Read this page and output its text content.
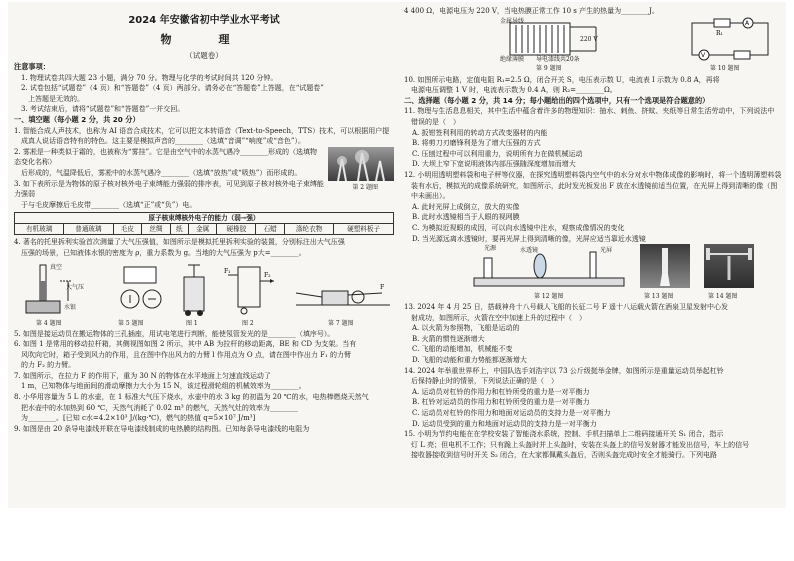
2024 年安徽省初中学业水平考试
物　理
（试题卷）
注意事项：
1. 物理试卷共四大题 23 小题，满分 70 分。物理与化学的考试时间共 120 分钟。
2. 试卷包括“试题卷”（4 页）和“答题卷”（4 页）两部分。请务必在“答题卷”上答题，在“试题卷”
上答题是无效的。
3. 考试结束后，请将“试题卷”和“答题卷”一并交回。
一、填空题（每小题 2 分，共 20 分）
1. 智能合成人声技术，也称为 AI 语音合成技术，它可以把文本转语音（Text-to-Speech，TTS）技术，可以根据用户提
成真人说话语音特有的特色。这主要是模拟声音的________（选填“音调”“响度”或“音色”）。
2. 雾凇是一种类似于霜的，也被称为“雾挂”。它是由空气中的水蒸气遇冷________形成的（选填物态变化名称）
后形成的，气温降低后，雾凇中的水蒸气遇冷________（选填“放热”或“吸热”）而形成的。
3. 如下表所示是为物体的原子核对核外电子束缚能力强弱的排序表，可见到原子核对核外电子束缚能力强弱
于与毛皮摩擦后毛皮带________（选填“正”或“负”）电。
第 2 题图
原子核束缚核外电子的能力（弱→强）
有机玻璃	普通玻璃	毛皮	丝绸	纸	金属	硬橡胶	石蜡	涤纶衣物	硬塑料板子
4. 著名的托里拆利实验首次测量了大气压强值，如图所示是模拟托里拆利实验的装置，分别标注出大气压强
压强的场景，已知液体水银的密度为 ρ，重力系数为 g。当地的大气压强为 p大=________。
真空
大气压
水银
第 4 题图	第 5 题图	图 1
F₁
F₂
图 2
F
第 7 题图
5. 如图是接运动员在搬运物体的三孔插座，用试电笔进行判断，能使氖管发光的是________（填序号）。
6. 如图 1 是常用的移动拉杆箱，其侧视图如图 2 所示，其中 AB 为拉杆的移动距离，BE 和 CD 为支架。当有
风吹向它时，箱子受到风力的作用，且在图中作出风力的力臂 l 作用点为 O 点，请在图中作出力 F₁ 的力臂
的力 F₂ 的力臂。
7. 如图所示，在拉力 F 的作用下，重为 30 N 的物体在水平地面上匀速直线运动了
1 m，已知物体与地面间的滑动摩擦力大小为 15 N，该过程滑轮组的机械效率为________。
8. 小华用容量为 5 L 的水壶，在 1 标准大气压下烧水，水壶中的水 3 kg 的初温为 20 ℃的水，电热棒燃烧天然气
把水壶中的水加热到 60 ℃，天然气消耗了 0.02 m³ 的燃气，天然气灶的效率为________
为________。[已知 c水=4.2×10³ J/(kg·℃)，燃气的热值 q=5×10⁷ J/m³]
9. 如图是由 20 条导电漆线并联在导电漆线制成的电热膜的结构图。已知每条导电漆线的电阻为
4 400 Ω，电源电压为 220 V，当电热膜正常工作 10 s 产生的热量为________J。
金属导线
220 V
绝缘薄膜 导电漆线共20条
第 9 题图
A
V
R₁
第 10 题图
10. 如图所示电路，定值电阻 R₁=2.5 Ω，闭合开关 S，电压表示数 U，电流表 I 示数为 0.8 A，再将
电源电压调整 1 V 时，电流表示数为 0.4 A，则 R₂=________Ω。
二、选择题（每小题 2 分，共 14 分；每小题给出的四个选项中，只有一个选项是符合题意的）
11. 物理与生活息息相关，其中生活中蕴含着许多的物理知识：抽水、刺鱼、挤蚊、夹纸等日常生活劳动中，下列说法中
错误的是（　）
A. 扳钳签利利用的转动方式改变器材的内能
B. 将剪刀刃磨锋利是为了增大压强的方式
C. 压刨过程中可以利用重力，说明所有力在做机械运动
D. 大坝上窄下宽说明液体内部压强随深度增加而增大
12. 小明用透明塑料袋和电子秤等仪器，在探究透明塑料袋内空气中的水分对水中物体成像的影响时，将一个透明薄塑料袋
装有水后，模拟光的成像系统研究，如图所示，此时发光板发出 F 放在水透镜前适当位置，在光屏上得到清晰的像（图中未画出）。
A. 此时光屏上成倒立，放大的实像
B. 此时水透镜相当于人眼的视网膜
C. 为模拟近视眼的成因，可以向水透镜中注水，观察成像情况的变化
D. 当光源远离水透镜时，要再光屏上得到清晰的像，光屏应适当靠近水透镜
光源	水透镜	光屏
第 12 题图	第 13 题图	第 14 题图
13. 2024 年 4 月 25 日，搭载神舟十八号载人飞船的长征二号 F 遥十八运载火箭在酒泉卫星发射中心发
射成功，如图所示，火箭在空中加速上升的过程中（　）
A. 以火箭为参照物，飞船是运动的
B. 火箭的惯性逐渐增大
C. 飞船的动能增加，机械能不变
D. 飞船的动能和重力势能都逐渐增大
14. 2024 年举重世界杯上，中国队选手刘浩宇以 73 公斤级挺举金牌，如图所示是重量运动员举起杠铃
后保持静止时的情景，下列说法正确的是（　）
A. 运动员对杠铃的作用力和杠铃所受的重力是一对平衡力
B. 杠铃对运动员的作用力和杠铃所受的重力是一对平衡力
C. 运动员对杠铃的作用力和地面对运动员的支持力是一对平衡力
D. 运动员受到的重力和地面对运动员的支持力是一对平衡力
15. 小明为节约电能在在学校安装了智能浇水系统，控制、手机扫描单上二维码接通开关 S₁ 闭合，指示
灯 L 亮；但电机不工作；只有跪上头盔时并上头盔时，安装在头盔上的信号发射器才能发出信号，车上的信号
接收器接收到信号时开关 S₂ 闭合，在大家都佩戴头盔后，否则头盔完成时安全才能骑行。下列电路
